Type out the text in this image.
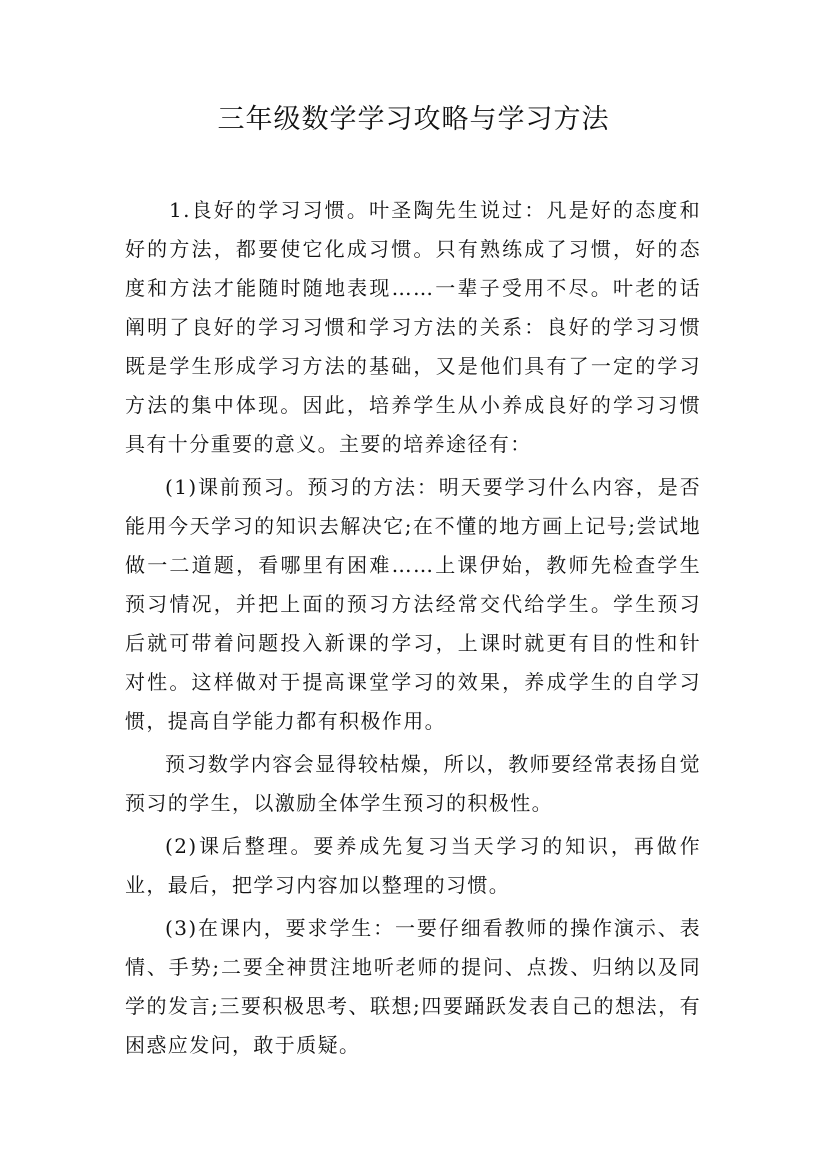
三年级数学学习攻略与学习方法

1.良好的学习习惯。叶圣陶先生说过：凡是好的态度和好的方法，都要使它化成习惯。只有熟练成了习惯，好的态度和方法才能随时随地表现……一辈子受用不尽。叶老的话阐明了良好的学习习惯和学习方法的关系：良好的学习习惯既是学生形成学习方法的基础，又是他们具有了一定的学习方法的集中体现。因此，培养学生从小养成良好的学习习惯具有十分重要的意义。主要的培养途径有：

(1)课前预习。预习的方法：明天要学习什么内容，是否能用今天学习的知识去解决它;在不懂的地方画上记号;尝试地做一二道题，看哪里有困难……上课伊始，教师先检查学生预习情况，并把上面的预习方法经常交代给学生。学生预习后就可带着问题投入新课的学习，上课时就更有目的性和针对性。这样做对于提高课堂学习的效果，养成学生的自学习惯，提高自学能力都有积极作用。

预习数学内容会显得较枯燥，所以，教师要经常表扬自觉预习的学生，以激励全体学生预习的积极性。

(2)课后整理。要养成先复习当天学习的知识，再做作业，最后，把学习内容加以整理的习惯。

(3)在课内，要求学生：一要仔细看教师的操作演示、表情、手势;二要全神贯注地听老师的提问、点拨、归纳以及同学的发言;三要积极思考、联想;四要踊跃发表自己的想法，有困惑应发问，敢于质疑。
